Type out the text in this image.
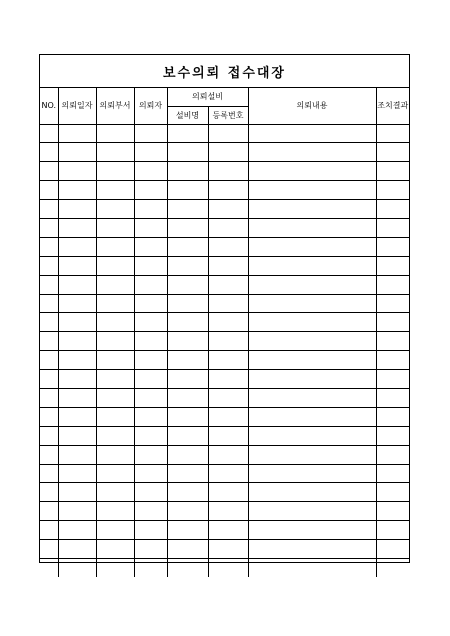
보수의뢰 접수대장
NO.	의뢰일자	의뢰부서	의뢰자	의뢰설비		의뢰내용	조치결과
				설비명	등록번호		
